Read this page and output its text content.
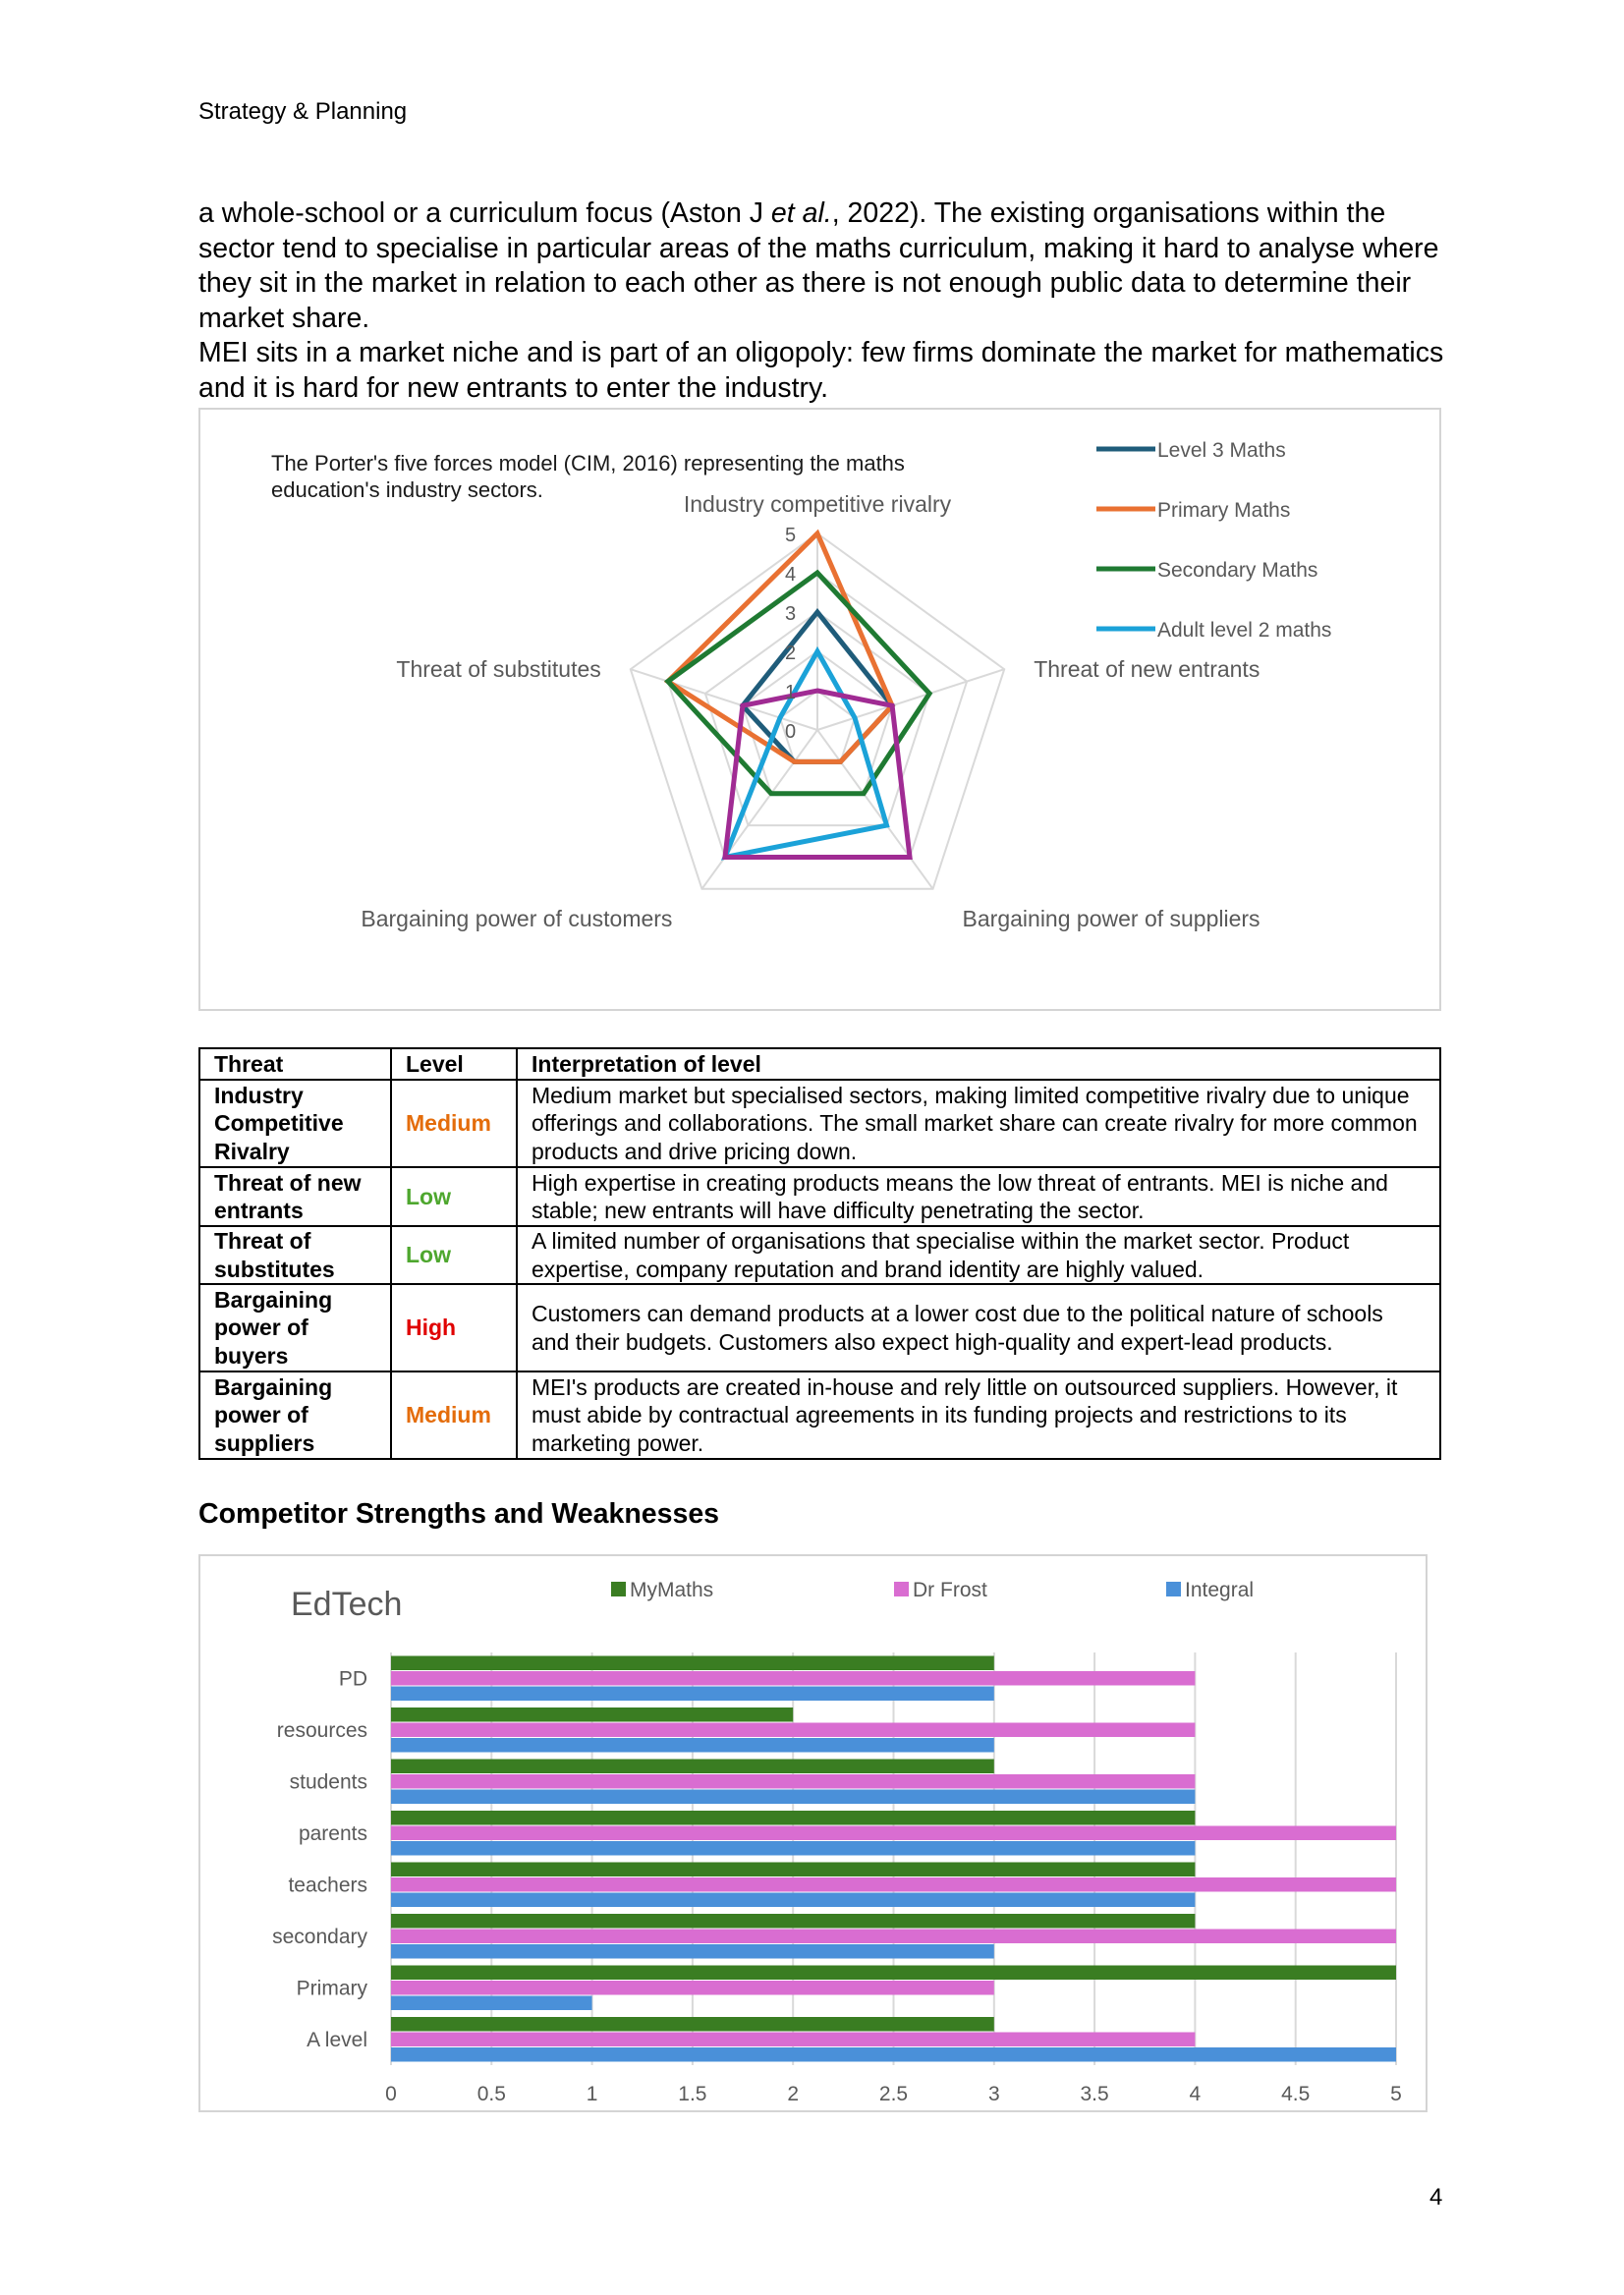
Strategy & Planning

a whole-school or a curriculum focus (Aston J et al., 2022). The existing organisations within the sector tend to specialise in particular areas of the maths curriculum, making it hard to analyse where they sit in the market in relation to each other as there is not enough public data to determine their market share.

MEI sits in a market niche and is part of an oligopoly: few firms dominate the market for mathematics and it is hard for new entrants to enter the industry.

The Porter's five forces model (CIM, 2016) representing the maths
education's industry sectors.
0
1
2
3
4
5
Industry competitive rivalry
Threat of new entrants
Bargaining power of suppliers
Bargaining power of customers
Threat of substitutes
Level 3 Maths
Primary Maths
Secondary Maths
Adult level 2 maths
Threat	Level	Interpretation of level
Industry Competitive Rivalry	Medium	Medium market but specialised sectors, making limited competitive rivalry due to unique offerings and collaborations. The small market share can create rivalry for more common products and drive pricing down.
Threat of new entrants	Low	High expertise in creating products means the low threat of entrants. MEI is niche and stable; new entrants will have difficulty penetrating the sector.
Threat of substitutes	Low	A limited number of organisations that specialise within the market sector. Product expertise, company reputation and brand identity are highly valued.
Bargaining power of buyers	High	Customers can demand products at a lower cost due to the political nature of schools and their budgets. Customers also expect high-quality and expert-lead products.
Bargaining power of suppliers	Medium	MEI's products are created in-house and rely little on outsourced suppliers. However, it must abide by contractual agreements in its funding projects and restrictions to its marketing power.
Competitor Strengths and Weaknesses
EdTech
PD
resources
students
parents
teachers
secondary
Primary
A level
0	0.5	1	1.5	2	2.5	3	3.5	4	4.5	5
MyMaths	Dr Frost	Integral
4
